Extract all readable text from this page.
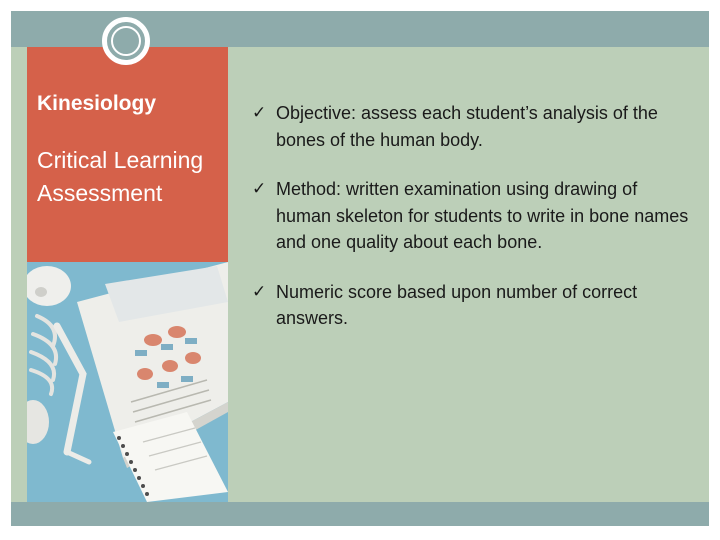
Kinesiology
Critical Learning Assessment
✓ Objective: assess each student’s analysis of the bones of the human body.
✓ Method: written examination using drawing of human skeleton for students to write in bone names and one quality about each bone.
✓ Numeric score based upon number of correct answers.
